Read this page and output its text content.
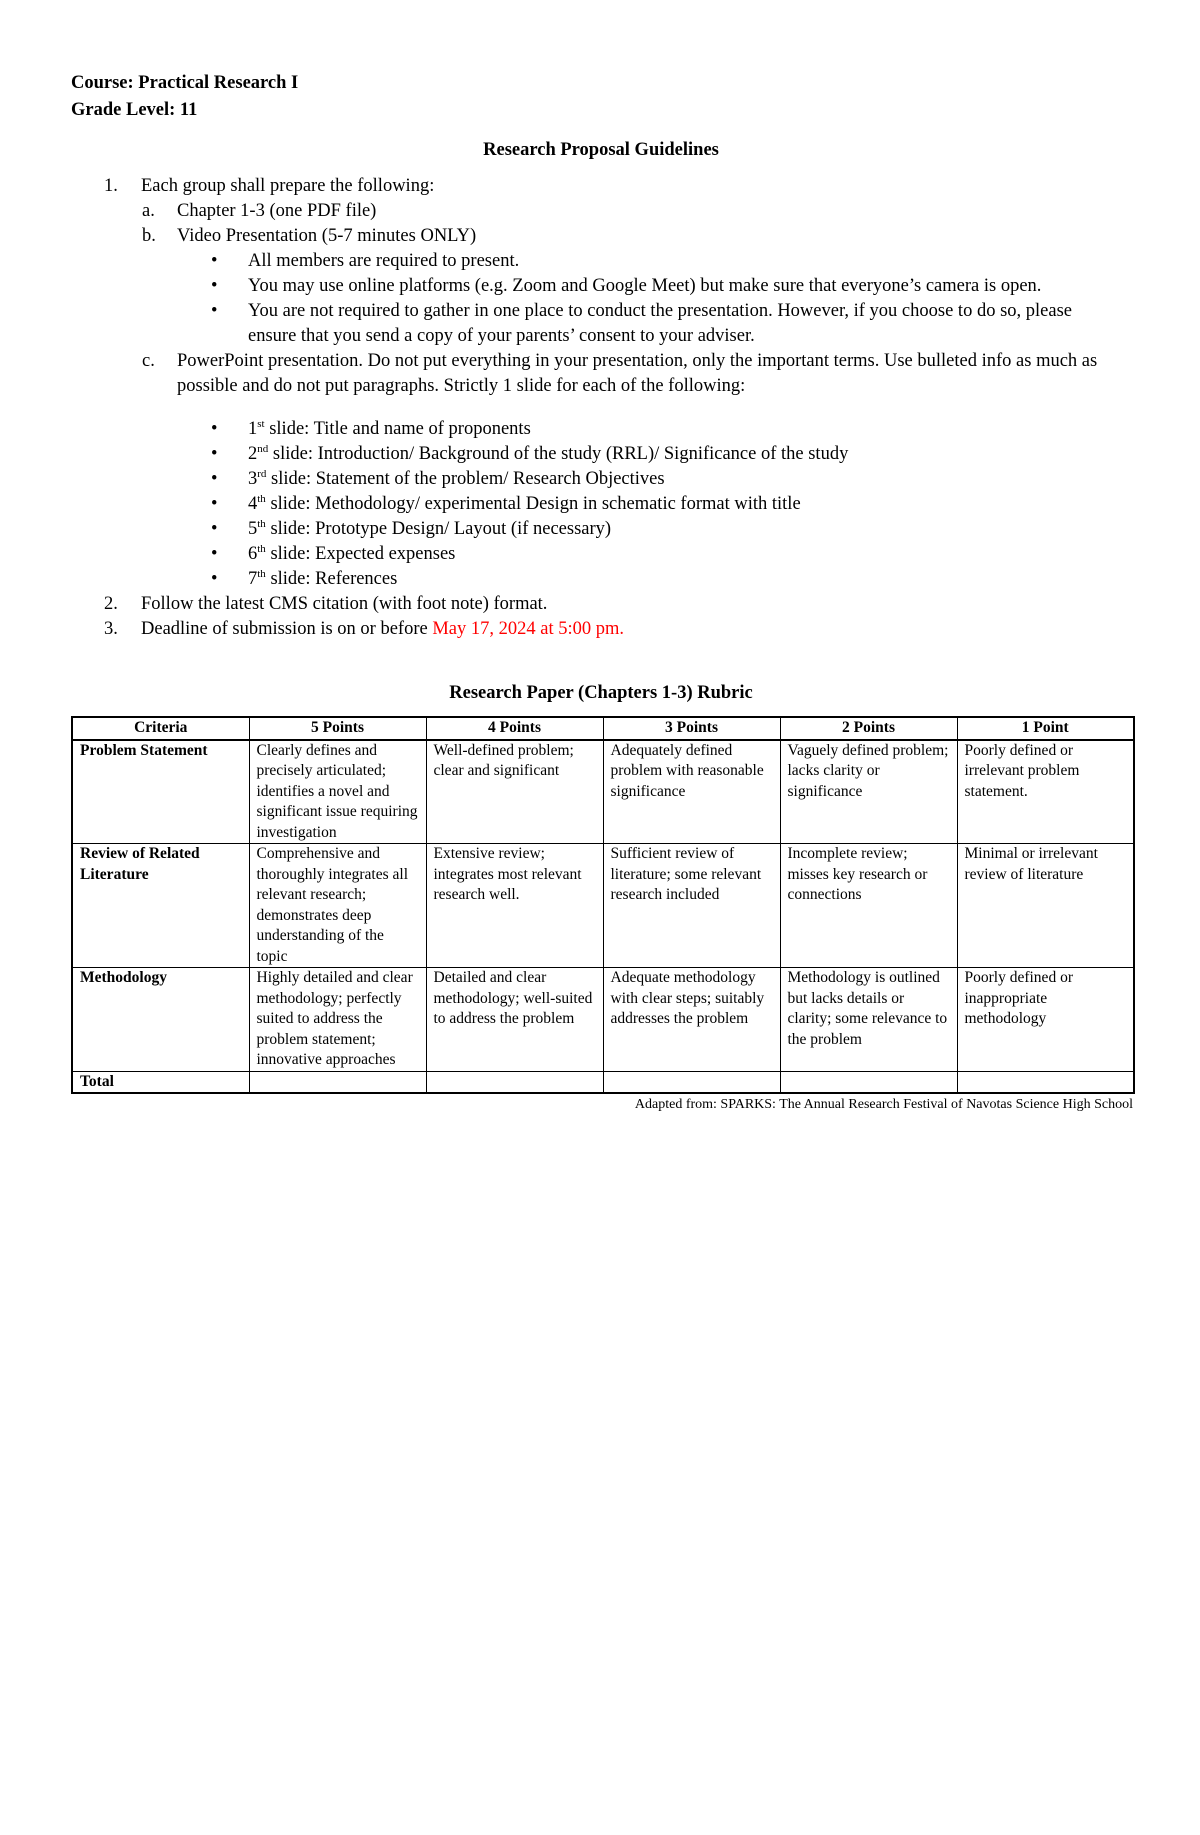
Course: Practical Research I

Grade Level: 11

Research Proposal Guidelines

1. Each group shall prepare the following:
a. Chapter 1-3 (one PDF file)
b. Video Presentation (5-7 minutes ONLY)
• All members are required to present.
• You may use online platforms (e.g. Zoom and Google Meet) but make sure that everyone’s camera is open.
• You are not required to gather in one place to conduct the presentation. However, if you choose to do so, please ensure that you send a copy of your parents’ consent to your adviser.
c. PowerPoint presentation. Do not put everything in your presentation, only the important terms. Use bulleted info as much as possible and do not put paragraphs. Strictly 1 slide for each of the following:
• 1st slide: Title and name of proponents
• 2nd slide: Introduction/ Background of the study (RRL)/ Significance of the study
• 3rd slide: Statement of the problem/ Research Objectives
• 4th slide: Methodology/ experimental Design in schematic format with title
• 5th slide: Prototype Design/ Layout (if necessary)
• 6th slide: Expected expenses
• 7th slide: References
2. Follow the latest CMS citation (with foot note) format.
3. Deadline of submission is on or before May 17, 2024 at 5:00 pm.

Research Paper (Chapters 1-3) Rubric

Criteria	5 Points	4 Points	3 Points	2 Points	1 Point
Problem Statement	Clearly defines and precisely articulated; identifies a novel and significant issue requiring investigation	Well-defined problem; clear and significant	Adequately defined problem with reasonable significance	Vaguely defined problem; lacks clarity or significance	Poorly defined or irrelevant problem statement.
Review of Related Literature	Comprehensive and thoroughly integrates all relevant research; demonstrates deep understanding of the topic	Extensive review; integrates most relevant research well.	Sufficient review of literature; some relevant research included	Incomplete review; misses key research or connections	Minimal or irrelevant review of literature
Methodology	Highly detailed and clear methodology; perfectly suited to address the problem statement; innovative approaches	Detailed and clear methodology; well-suited to address the problem	Adequate methodology with clear steps; suitably addresses the problem	Methodology is outlined but lacks details or clarity; some relevance to the problem	Poorly defined or inappropriate methodology
Total					
Adapted from: SPARKS: The Annual Research Festival of Navotas Science High School
